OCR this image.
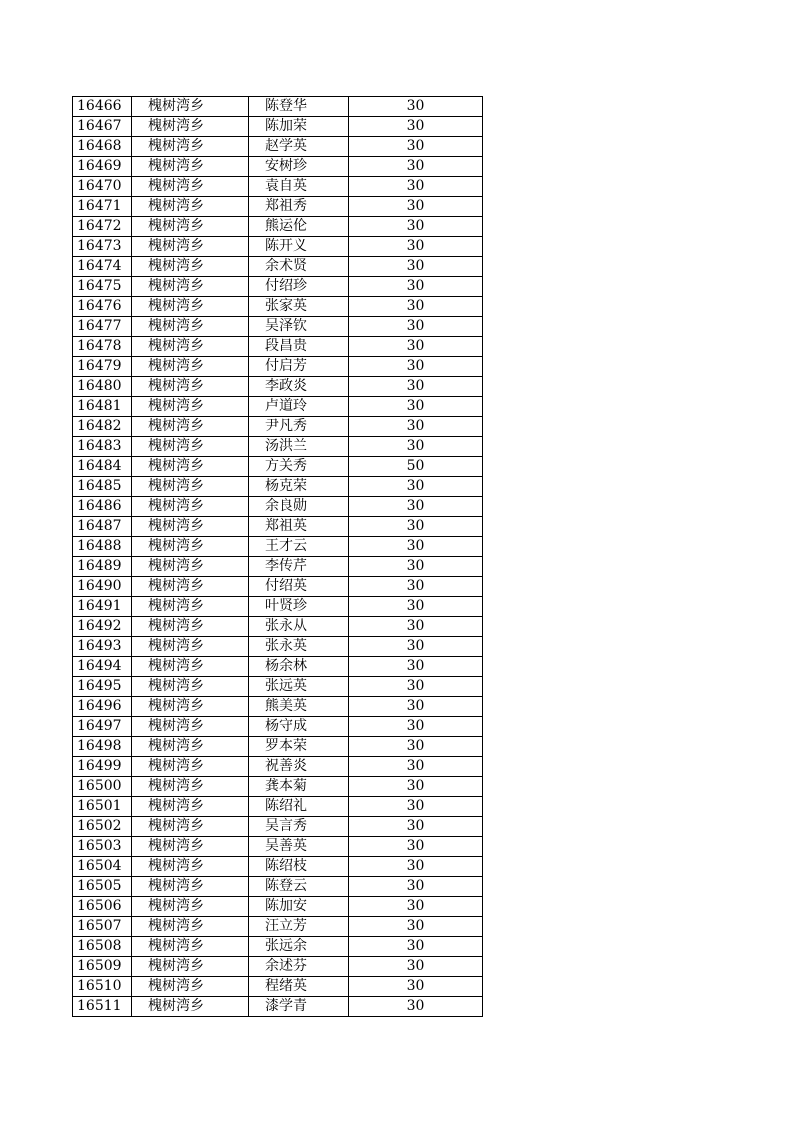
16466	槐树湾乡	陈登华	30
16467	槐树湾乡	陈加荣	30
16468	槐树湾乡	赵学英	30
16469	槐树湾乡	安树珍	30
16470	槐树湾乡	袁自英	30
16471	槐树湾乡	郑祖秀	30
16472	槐树湾乡	熊运伦	30
16473	槐树湾乡	陈开义	30
16474	槐树湾乡	余术贤	30
16475	槐树湾乡	付绍珍	30
16476	槐树湾乡	张家英	30
16477	槐树湾乡	吴泽钦	30
16478	槐树湾乡	段昌贵	30
16479	槐树湾乡	付启芳	30
16480	槐树湾乡	李政炎	30
16481	槐树湾乡	卢道玲	30
16482	槐树湾乡	尹凡秀	30
16483	槐树湾乡	汤洪兰	30
16484	槐树湾乡	方关秀	50
16485	槐树湾乡	杨克荣	30
16486	槐树湾乡	余良勋	30
16487	槐树湾乡	郑祖英	30
16488	槐树湾乡	王才云	30
16489	槐树湾乡	李传芹	30
16490	槐树湾乡	付绍英	30
16491	槐树湾乡	叶贤珍	30
16492	槐树湾乡	张永从	30
16493	槐树湾乡	张永英	30
16494	槐树湾乡	杨余林	30
16495	槐树湾乡	张远英	30
16496	槐树湾乡	熊美英	30
16497	槐树湾乡	杨守成	30
16498	槐树湾乡	罗本荣	30
16499	槐树湾乡	祝善炎	30
16500	槐树湾乡	龚本菊	30
16501	槐树湾乡	陈绍礼	30
16502	槐树湾乡	吴言秀	30
16503	槐树湾乡	吴善英	30
16504	槐树湾乡	陈绍枝	30
16505	槐树湾乡	陈登云	30
16506	槐树湾乡	陈加安	30
16507	槐树湾乡	汪立芳	30
16508	槐树湾乡	张远余	30
16509	槐树湾乡	余述芬	30
16510	槐树湾乡	程绪英	30
16511	槐树湾乡	漆学青	30
